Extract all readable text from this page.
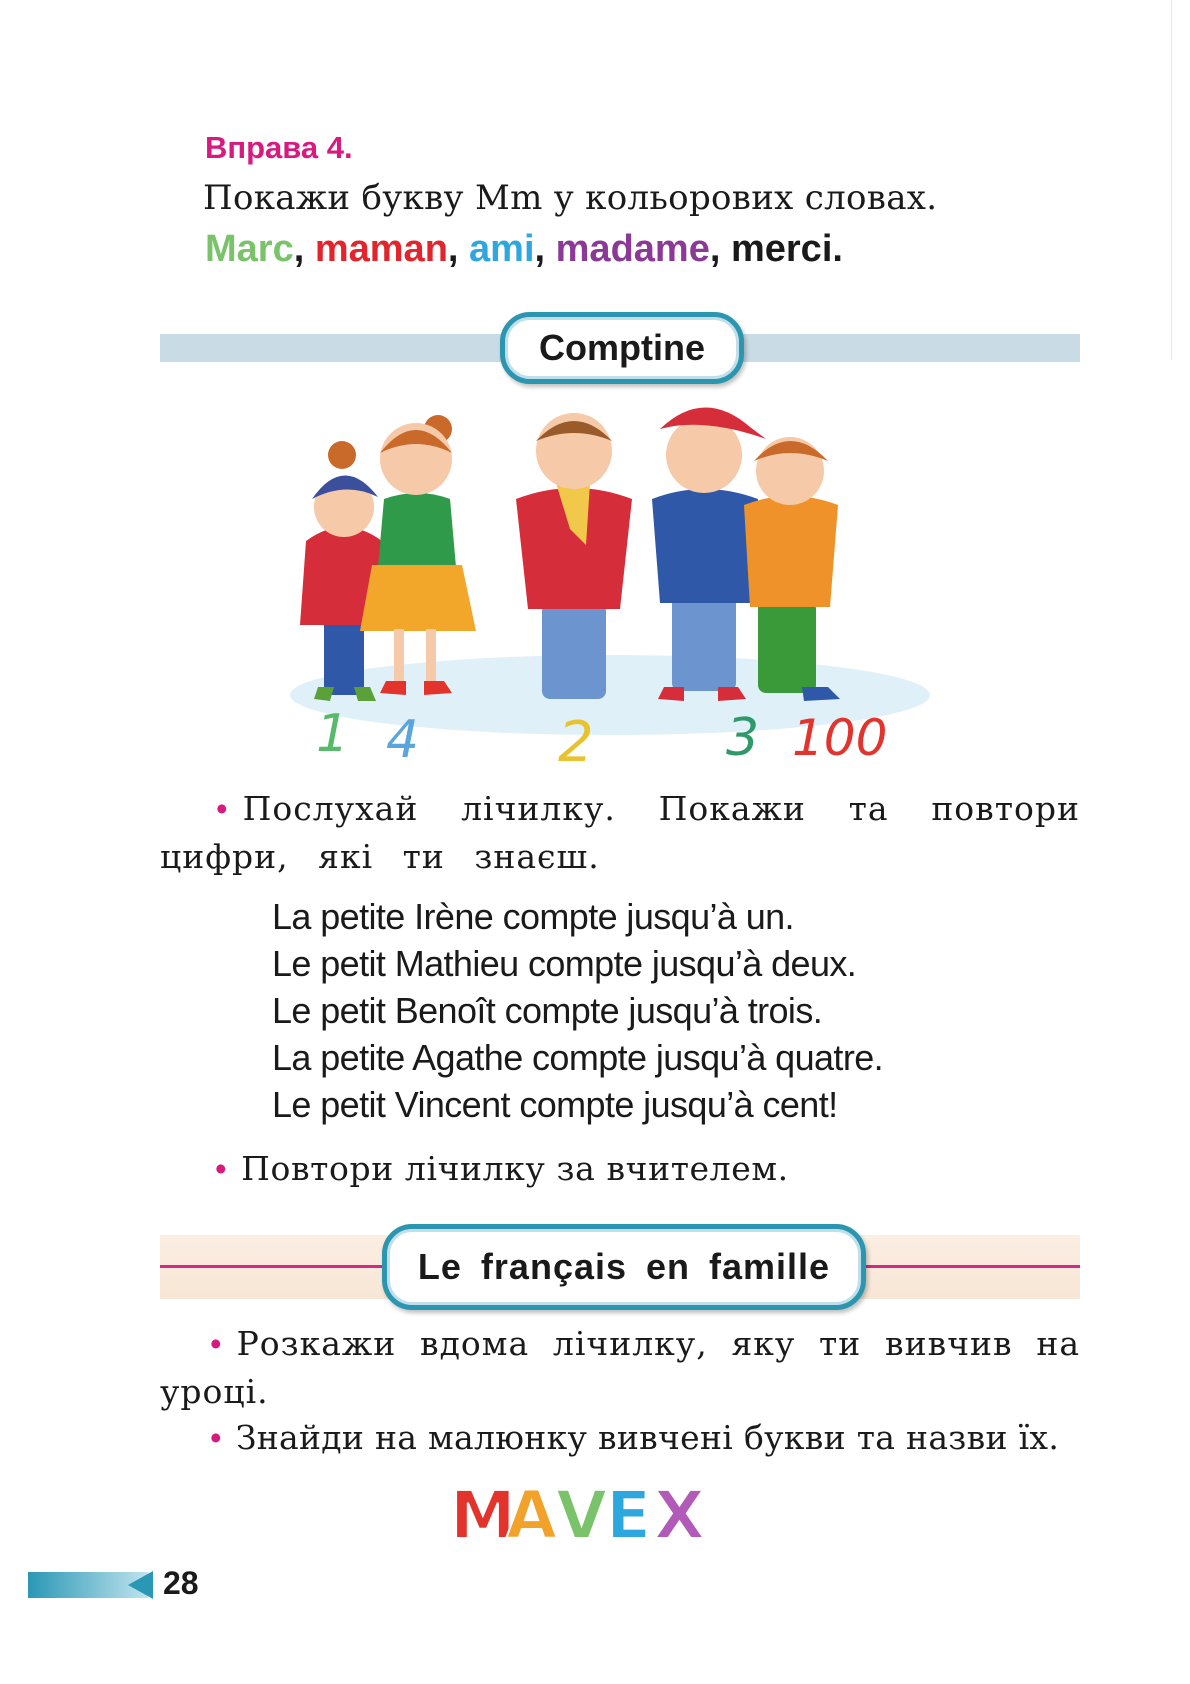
Вправа 4.
Покажи букву Mm у кольорових словах.
Marc, maman, ami, madame, merci.
Comptine
1 4 2	3 100
• Послухай лічилку. Покажи та повтори цифри, які ти знаєш.
La petite Irène compte jusqu’à un.
Le petit Mathieu compte jusqu’à deux.
Le petit Benoît compte jusqu’à trois.
La petite Agathe compte jusqu’à quatre.
Le petit Vincent compte jusqu’à cent!
• Повтори лічилку за вчителем.
Le français en famille
• Розкажи вдома лічилку, яку ти вивчив на уроці.
• Знайди на малюнку вивчені букви та назви їх.
M
A
V
E X
28
